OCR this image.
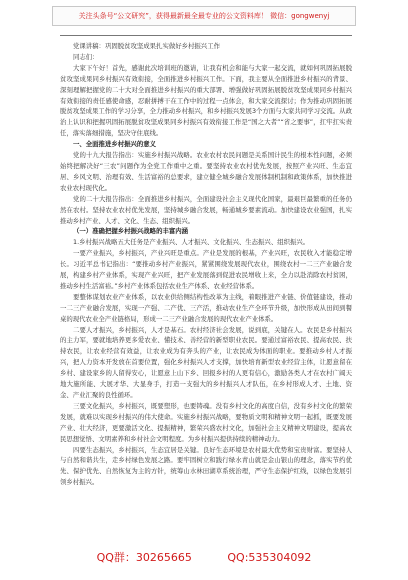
关注头条号“公文研究”，获得最新最全最专业的公文资料库！ 微信：gongwenyj

党课讲稿：巩固脱贫攻坚成果扎实做好乡村振兴工作

同志们：

大家下午好！首先，感谢此次培训班的邀请，让我有机会和能与大家一起交流，就如何巩固拓展脱贫攻坚成果同乡村振兴有效衔接，全面推进乡村振兴工作。下面，我主要从全面推进乡村振兴的背景、深刻理解把握党的二十大对全面推进乡村振兴的重大部署、增强做好巩固拓展脱贫攻坚成果同乡村振兴有效衔接的责任感使命感，忍耐拼搏干在工作中的过程一点体会，和大家交流探讨；作为推动巩固拓展脱贫攻坚成果工作的学习分享，全力推动乡村振兴，和乡村振兴发展3个方面与大家共同学习交流。从政治上认识和把握巩固拓展脱贫攻坚成果同乡村振兴有效衔接工作是“国之大者”“省之要事”，扛牢扛实责任，落实落细措施，坚决守住底线。

一、全面推进乡村振兴的意义

党的十九大报告指出：实施乡村振兴战略。农业农村农民问题是关系国计民生的根本性问题，必须始终把解决好“三农”问题作为全党工作重中之重。要坚持农业农村优先发展，按照产业兴旺、生态宜居、乡风文明、治理有效、生活富裕的总要求，建立健全城乡融合发展体制机制和政策体系，加快推进农业农村现代化。

党的二十大报告指出：全面推进乡村振兴，全面建设社会主义现代化国家，最艰巨最繁重的任务仍然在农村。坚持农业农村优先发展，坚持城乡融合发展，畅通城乡要素流动。加快建设农业强国，扎实推动乡村产业、人才、文化、生态、组织振兴。

（一）准确把握乡村振兴战略的丰富内涵

1.乡村振兴战略五大任务是产业振兴、人才振兴、文化振兴、生态振兴、组织振兴。

一要产业振兴，乡村振兴，产业兴旺是重点。产业是发展的根基，产业兴旺，农民收入才能稳定增长。习近平总书记指出：“要推动乡村产业振兴，紧紧围绕发展现代农业，围绕农村一二三产业融合发展，构建乡村产业体系，实现产业兴旺，把产业发展落到促进农民增收上来，全力以赴消除农村贫困，推动乡村生活富裕。”乡村产业体系包括农业生产体系、农业经营体系。

要整体谋划农业产业体系，以农业供给侧结构性改革为主线，着眼推进产业链、价值链建设，推动一二三产业融合发展，实现一产强、二产优、三产活，推动农业生产全环节升级，加快形成从田间到餐桌的现代农业全产业链格局，形成一二三产业融合发展的现代农业产业体系。

二要人才振兴，乡村振兴，人才是基石。农村经济社会发展，说到底，关键在人。农民是乡村振兴的主力军，要就地培养更多爱农业、懂技术、善经营的新型职业农民。要通过富裕农民、提高农民、扶持农民，让农业经营有效益，让农业成为有奔头的产业，让农民成为体面的职业。要推动乡村人才振兴，把人力资本开发放在首要位置，强化乡村振兴人才支撑，加快培育新型农业经营主体，让愿意留在乡村、建设家乡的人留得安心，让愿意上山下乡、回报乡村的人更有信心，激励各类人才在农村广阔天地大施所能、大展才华、大显身手，打造一支强大的乡村振兴人才队伍，在乡村形成人才、土地、资金、产业汇聚的良性循环。

三要文化振兴，乡村振兴，既要塑形，也要铸魂。没有乡村文化的高度自信，没有乡村文化的繁荣发展，就难以实现乡村振兴的伟大使命。实施乡村振兴战略，要物质文明和精神文明一起抓，既要发展产业、壮大经济，更要激活文化、提振精神，繁荣兴盛农村文化，加强社会主义精神文明建设，提高农民思想觉悟、文明素养和乡村社会文明程度。为乡村振兴提供持续的精神动力。

四要生态振兴，乡村振兴，生态宜居是关键。良好生态环境是农村最大优势和宝贵财富。要坚持人与自然和谐共生，走乡村绿色发展之路。要牢固树立和践行绿水青山就是金山银山的理念，落实节约优先、保护优先、自然恢复为主的方针，统筹山水林田湖草系统治理，严守生态保护红线，以绿色发展引领乡村振兴。

QQ群：30265665	QQ:535304092
